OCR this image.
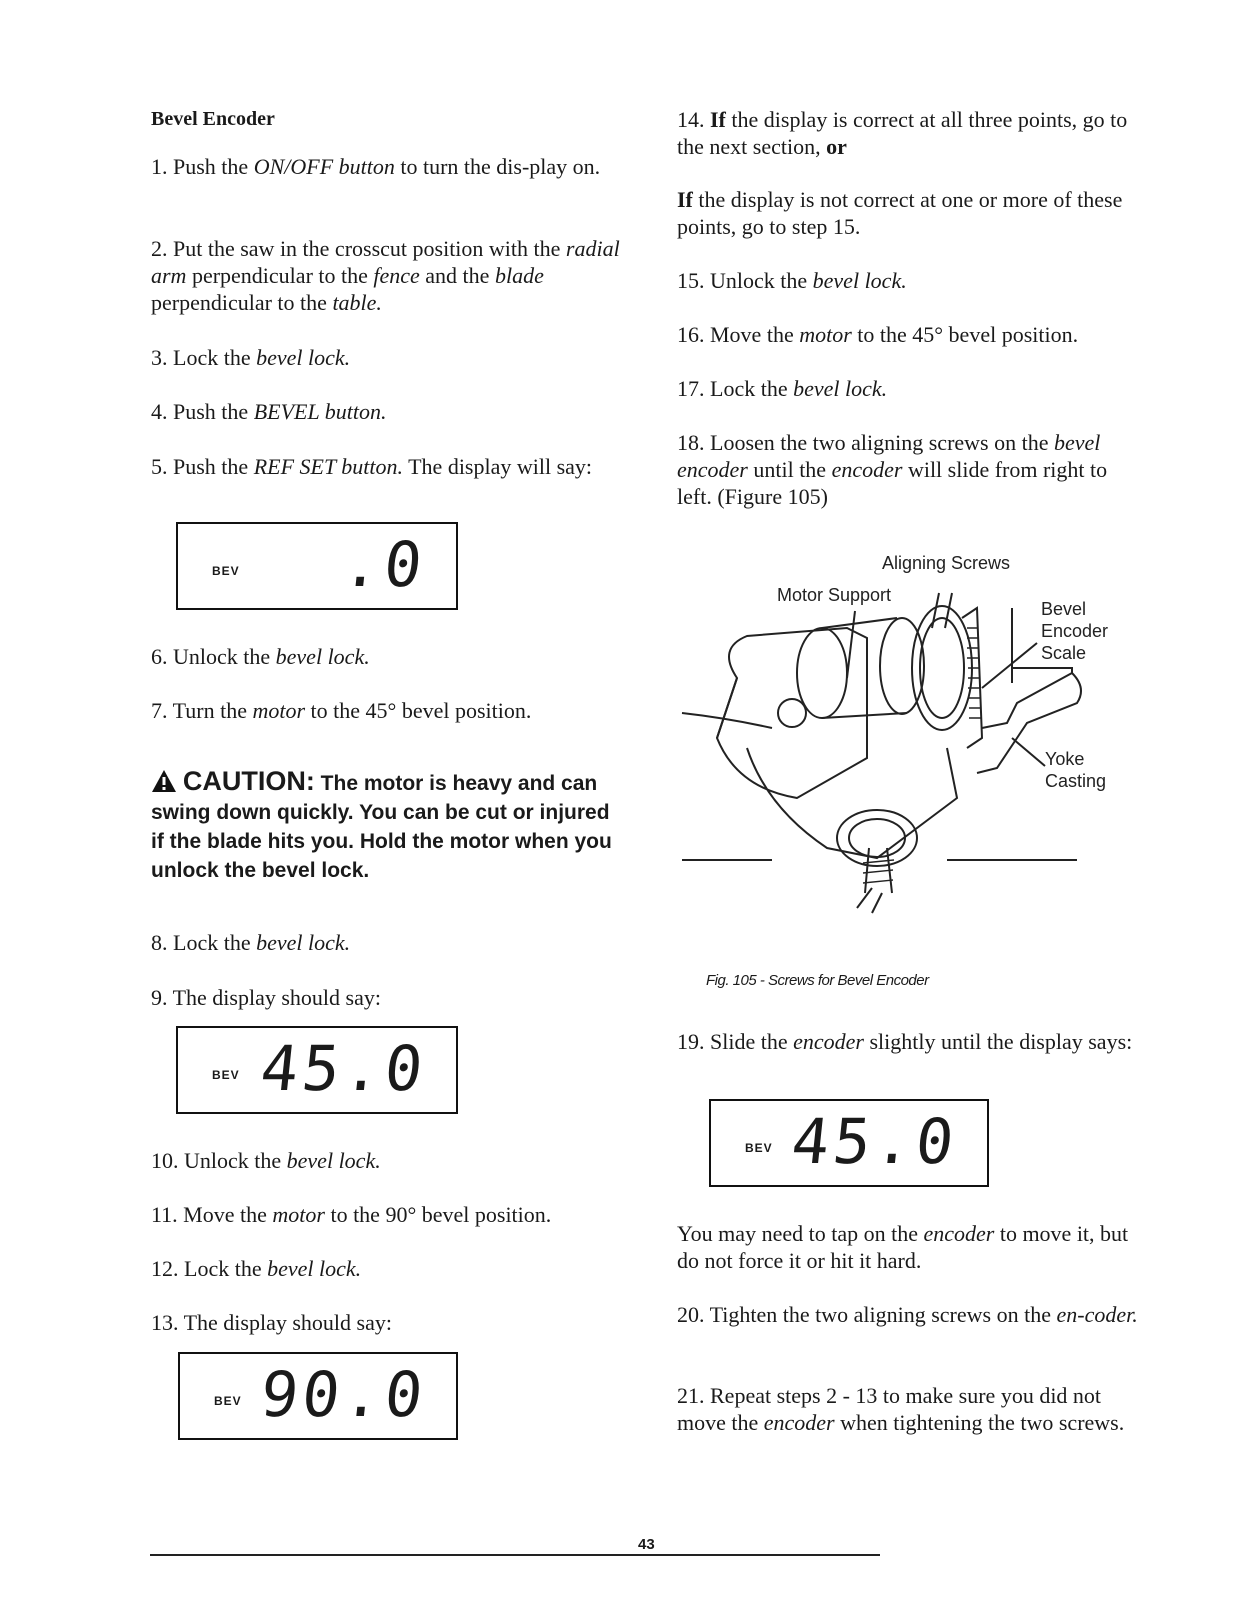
Bevel Encoder

1. Push the ON/OFF button to turn the dis-play on.

2. Put the saw in the crosscut position with the radial arm perpendicular to the fence and the blade perpendicular to the table.

3. Lock the bevel lock.

4. Push the BEVEL button.

5. Push the REF SET button. The display will say:

BEV .0

6. Unlock the bevel lock.

7. Turn the motor to the 45° bevel position.

CAUTION: The motor is heavy and can swing down quickly. You can be cut or injured if the blade hits you. Hold the motor when you unlock the bevel lock.

8. Lock the bevel lock.

9. The display should say:

BEV 45.0

10. Unlock the bevel lock.

11. Move the motor to the 90° bevel position.

12. Lock the bevel lock.

13. The display should say:

BEV 90.0

14. If the display is correct at all three points, go to the next section, or

If the display is not correct at one or more of these points, go to step 15.

15. Unlock the bevel lock.

16. Move the motor to the 45° bevel position.

17. Lock the bevel lock.

18. Loosen the two aligning screws on the bevel encoder until the encoder will slide from right to left. (Figure 105)

Aligning Screws
Motor Support
Bevel
Encoder
Scale
Yoke
Casting
Fig. 105 - Screws for Bevel Encoder

19. Slide the encoder slightly until the display says:

BEV 45.0

You may need to tap on the encoder to move it, but do not force it or hit it hard.

20. Tighten the two aligning screws on the en-coder.

21. Repeat steps 2 - 13 to make sure you did not move the encoder when tightening the two screws.

43
